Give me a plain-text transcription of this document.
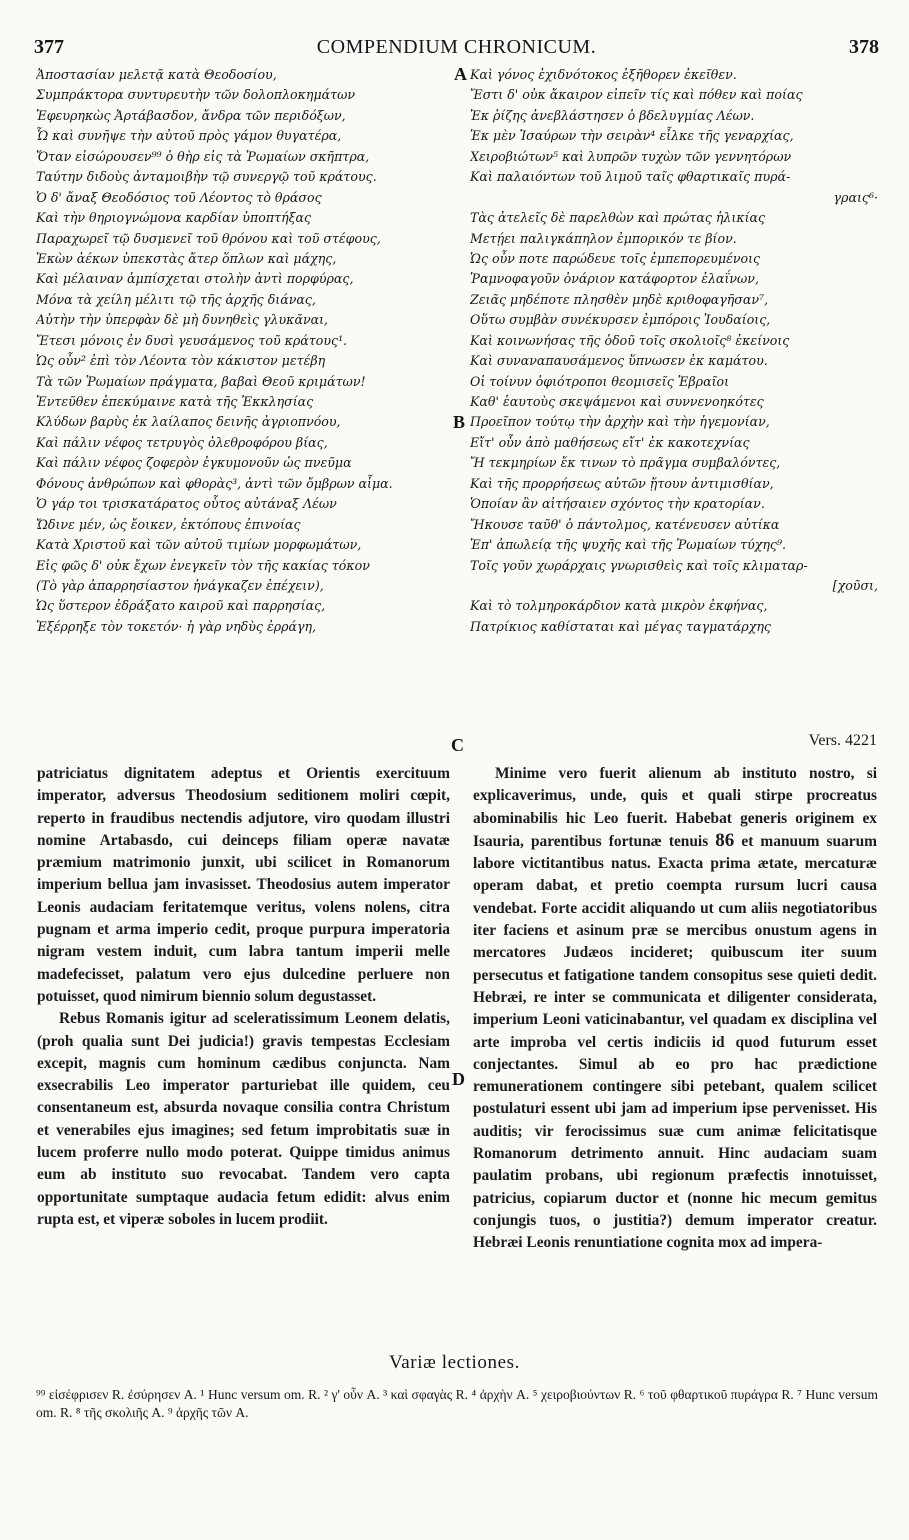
377	COMPENDIUM CHRONICUM.	378
Ἀποστασίαν μελετᾷ κατὰ Θεοδοσίου,
Συμπράκτορα συντυρευτὴν τῶν δολοπλοκημάτων
Ἐφευρηκὼς Ἀρτάβασδον, ἄνδρα τῶν περιδόξων,
Ὧ καὶ συνῆψε τὴν αὐτοῦ πρὸς γάμον θυγατέρα,
Ὅταν εἰσώρουσεν⁹⁹ ὁ θὴρ εἰς τὰ Ῥωμαίων σκῆπτρα,
Ταύτην διδοὺς ἀνταμοιβὴν τῷ συνεργῷ τοῦ κράτους.
Ὁ δ' ἄναξ Θεοδόσιος τοῦ Λέοντος τὸ θράσος
Καὶ τὴν θηριογνώμονα καρδίαν ὑποπτήξας
Παραχωρεῖ τῷ δυσμενεῖ τοῦ θρόνου καὶ τοῦ στέφους,
Ἑκὼν ἀέκων ὑπεκστὰς ἄτερ ὅπλων καὶ μάχης,
Καὶ μέλαιναν ἀμπίσχεται στολὴν ἀντὶ πορφύρας,
Μόνα τὰ χείλη μέλιτι τῷ τῆς ἀρχῆς διάνας,
Αὐτὴν τὴν ὑπερφὰν δὲ μὴ δυνηθεὶς γλυκᾶναι,
Ἔτεσι μόνοις ἐν δυσὶ γευσάμενος τοῦ κράτους¹.
Ὡς οὖν² ἐπὶ τὸν Λέοντα τὸν κάκιστον μετέβη
Τὰ τῶν Ῥωμαίων πράγματα, βαβαὶ Θεοῦ κριμάτων!
Ἐντεῦθεν ἐπεκύμαινε κατὰ τῆς Ἐκκλησίας
Κλύδων βαρὺς ἐκ λαίλαπος δεινῆς ἀγριοπνόου,
Καὶ πάλιν νέφος τετρυγὸς ὀλεθροφόρου βίας,
Καὶ πάλιν νέφος ζοφερὸν ἐγκυμονοῦν ὡς πνεῦμα
Φόνους ἀνθρώπων καὶ φθορὰς³, ἀντὶ τῶν ὄμβρων αἷμα.
Ὁ γάρ τοι τρισκατάρατος οὗτος αὐτάναξ Λέων
Ὤδινε μέν, ὡς ἔοικεν, ἐκτόπους ἐπινοίας
Κατὰ Χριστοῦ καὶ τῶν αὐτοῦ τιμίων μορφωμάτων,
Εἰς φῶς δ' οὐκ ἔχων ἐνεγκεῖν τὸν τῆς κακίας τόκον
(Τὸ γὰρ ἀπαρρησίαστον ἠνάγκαζεν ἐπέχειν),
Ὡς ὕστερον ἐδράξατο καιροῦ καὶ παρρησίας,
Ἐξέρρηξε τὸν τοκετόν· ἡ γὰρ νηδὺς ἐρράγη,
A
B
C
D
Καὶ γόνος ἐχιδνότοκος ἐξῆθορεν ἐκεῖθεν.
Ἔστι δ' οὐκ ἄκαιρον εἰπεῖν τίς καὶ πόθεν καὶ ποίας
Ἐκ ῥίζης ἀνεβλάστησεν ὁ βδελυγμίας Λέων.
Ἐκ μὲν Ἰσαύρων τὴν σειρὰν⁴ εἶλκε τῆς γεναρχίας,
Χειροβιώτων⁵ καὶ λυπρῶν τυχὼν τῶν γεννητόρων
Καὶ παλαιόντων τοῦ λιμοῦ ταῖς φθαρτικαῖς πυρά-
γραις⁶·
Τὰς ἀτελεῖς δὲ παρελθὼν καὶ πρώτας ἡλικίας
Μετῄει παλιγκάπηλον ἐμπορικόν τε βίον.
Ὡς οὖν ποτε παρώδευε τοῖς ἐμπεπορευμένοις
Ῥαμνοφαγοῦν ὀνάριον κατάφορτον ἐλαΐνων,
Ζειᾶς μηδέποτε πλησθὲν μηδὲ κριθοφαγῆσαν⁷,
Οὕτω συμβὰν συνέκυρσεν ἐμπόροις Ἰουδαίοις,
Καὶ κοινωνήσας τῆς ὁδοῦ τοῖς σκολιοῖς⁸ ἐκείνοις
Καὶ συναναπαυσάμενος ὕπνωσεν ἐκ καμάτου.
Οἱ τοίνυν ὀφιότροποι θεομισεῖς Ἑβραῖοι
Καθ' ἑαυτοὺς σκεψάμενοι καὶ συννενοηκότες
Προεῖπον τούτῳ τὴν ἀρχὴν καὶ τὴν ἡγεμονίαν,
Εἴτ' οὖν ἀπὸ μαθήσεως εἴτ' ἐκ κακοτεχνίας
Ἤ τεκμηρίων ἔκ τινων τὸ πρᾶγμα συμβαλόντες,
Καὶ τῆς προρρήσεως αὐτῶν ᾔτουν ἀντιμισθίαν,
Ὁποίαν ἂν αἰτήσαιεν σχόντος τὴν κρατορίαν.
Ἤκουσε ταῦθ' ὁ πάντολμος, κατένευσεν αὐτίκα
Ἐπ' ἀπωλείᾳ τῆς ψυχῆς καὶ τῆς Ῥωμαίων τύχης⁹.
Τοῖς γοῦν χωράρχαις γνωρισθεὶς καὶ τοῖς κλιματαρ-
[χοῦσι,
Καὶ τὸ τολμηροκάρδιον κατὰ μικρὸν ἐκφήνας,
Πατρίκιος καθίσταται καὶ μέγας ταγματάρχης
Vers. 4221

patriciatus dignitatem adeptus et Orientis exercituum imperator, adversus Theodosium seditionem moliri cœpit, reperto in fraudibus nectendis adjutore, viro quodam illustri nomine Artabasdo, cui deinceps filiam operæ navatæ præmium matrimonio junxit, ubi scilicet in Romanorum imperium bellua jam invasisset. Theodosius autem imperator Leonis audaciam feritatemque veritus, volens nolens, citra pugnam et arma imperio cedit, proque purpura imperatoria nigram vestem induit, cum labra tantum imperii melle madefecisset, palatum vero ejus dulcedine perluere non potuisset, quod nimirum biennio solum degustasset.

Rebus Romanis igitur ad sceleratissimum Leonem delatis, (proh qualia sunt Dei judicia!) gravis tempestas Ecclesiam excepit, magnis cum hominum cædibus conjuncta. Nam exsecrabilis Leo imperator parturiebat ille quidem, ceu consentaneum est, absurda novaque consilia contra Christum et venerabiles ejus imagines; sed fetum improbitatis suæ in lucem proferre nullo modo poterat. Quippe timidus animus eum ab instituto suo revocabat. Tandem vero capta opportunitate sumptaque audacia fetum edidit: alvus enim rupta est, et viperæ soboles in lucem prodiit.

Minime vero fuerit alienum ab instituto nostro, si explicaverimus, unde, quis et quali stirpe procreatus abominabilis hic Leo fuerit. Habebat generis originem ex Isauria, parentibus fortunæ tenuis 86 et manuum suarum labore victitantibus natus. Exacta prima ætate, mercaturæ operam dabat, et pretio coempta rursum lucri causa vendebat. Forte accidit aliquando ut cum aliis negotiatoribus iter faciens et asinum præ se mercibus onustum agens in mercatores Judæos incideret; quibuscum iter suum persecutus et fatigatione tandem consopitus sese quieti dedit. Hebræi, re inter se communicata et diligenter considerata, imperium Leoni vaticinabantur, vel quadam ex disciplina vel arte improba vel certis indiciis id quod futurum esset conjectantes. Simul ab eo pro hac prædictione remunerationem contingere sibi petebant, qualem scilicet postulaturi essent ubi jam ad imperium ipse pervenisset. His auditis; vir ferocissimus suæ cum animæ felicitatisque Romanorum detrimento annuit. Hinc audaciam suam paulatim probans, ubi regionum præfectis innotuisset, patricius, copiarum ductor et (nonne hic mecum gemitus conjungis tuos, o justitia?) demum imperator creatur. Hebræi Leonis renuntiatione cognita mox ad impera-

Variæ lectiones.
⁹⁹ εἰσέφρισεν R. ἐσύρησεν A. ¹ Hunc versum om. R. ² γ' οὖν A. ³ καὶ σφαγὰς R. ⁴ ἀρχὴν A. ⁵ χειροβιούντων R. ⁶ τοῦ φθαρτικοῦ πυράγρα R. ⁷ Hunc versum om. R. ⁸ τῆς σκολιῆς A. ⁹ ἀρχῆς τῶν A.
